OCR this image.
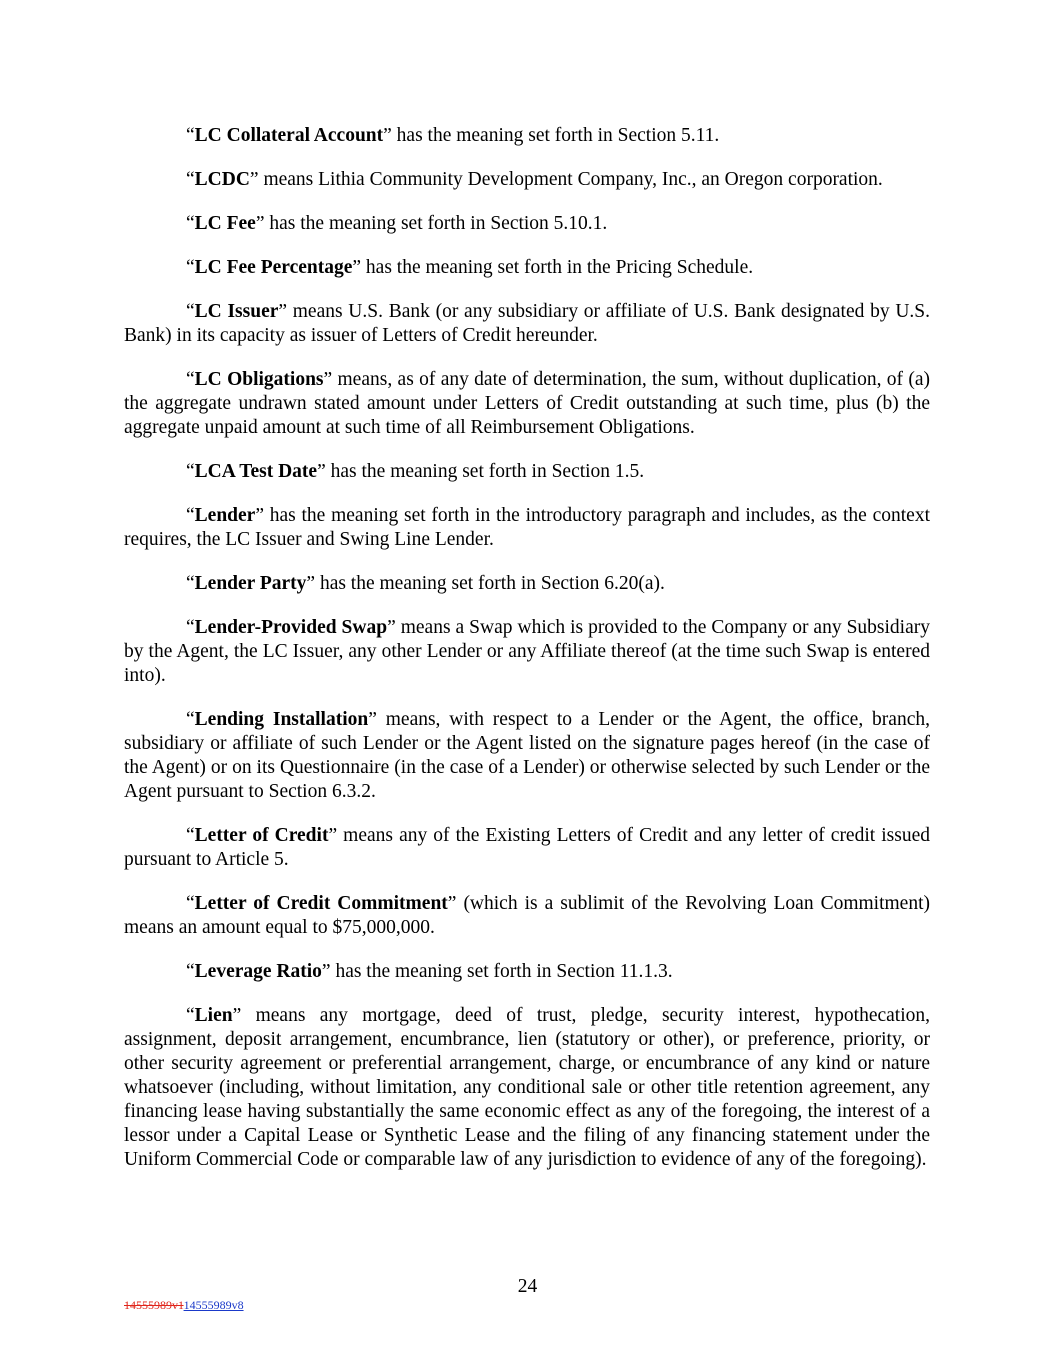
“LC Collateral Account” has the meaning set forth in Section 5.11.

“LCDC” means Lithia Community Development Company, Inc., an Oregon corporation.

“LC Fee” has the meaning set forth in Section 5.10.1.

“LC Fee Percentage” has the meaning set forth in the Pricing Schedule.

“LC Issuer” means U.S. Bank (or any subsidiary or affiliate of U.S. Bank designated by U.S. Bank) in its capacity as issuer of Letters of Credit hereunder.

“LC Obligations” means, as of any date of determination, the sum, without duplication, of (a) the aggregate undrawn stated amount under Letters of Credit outstanding at such time, plus (b) the aggregate unpaid amount at such time of all Reimbursement Obligations.

“LCA Test Date” has the meaning set forth in Section 1.5.

“Lender” has the meaning set forth in the introductory paragraph and includes, as the context requires, the LC Issuer and Swing Line Lender.

“Lender Party” has the meaning set forth in Section 6.20(a).

“Lender-Provided Swap” means a Swap which is provided to the Company or any Subsidiary by the Agent, the LC Issuer, any other Lender or any Affiliate thereof (at the time such Swap is entered into).

“Lending Installation” means, with respect to a Lender or the Agent, the office, branch, subsidiary or affiliate of such Lender or the Agent listed on the signature pages hereof (in the case of the Agent) or on its Questionnaire (in the case of a Lender) or otherwise selected by such Lender or the Agent pursuant to Section 6.3.2.

“Letter of Credit” means any of the Existing Letters of Credit and any letter of credit issued pursuant to Article 5.

“Letter of Credit Commitment” (which is a sublimit of the Revolving Loan Commitment) means an amount equal to $75,000,000.

“Leverage Ratio” has the meaning set forth in Section 11.1.3.

“Lien” means any mortgage, deed of trust, pledge, security interest, hypothecation, assignment, deposit arrangement, encumbrance, lien (statutory or other), or preference, priority, or other security agreement or preferential arrangement, charge, or encumbrance of any kind or nature whatsoever (including, without limitation, any conditional sale or other title retention agreement, any financing lease having substantially the same economic effect as any of the foregoing, the interest of a lessor under a Capital Lease or Synthetic Lease and the filing of any financing statement under the Uniform Commercial Code or comparable law of any jurisdiction to evidence of any of the foregoing).

24
14555989v114555989v8
